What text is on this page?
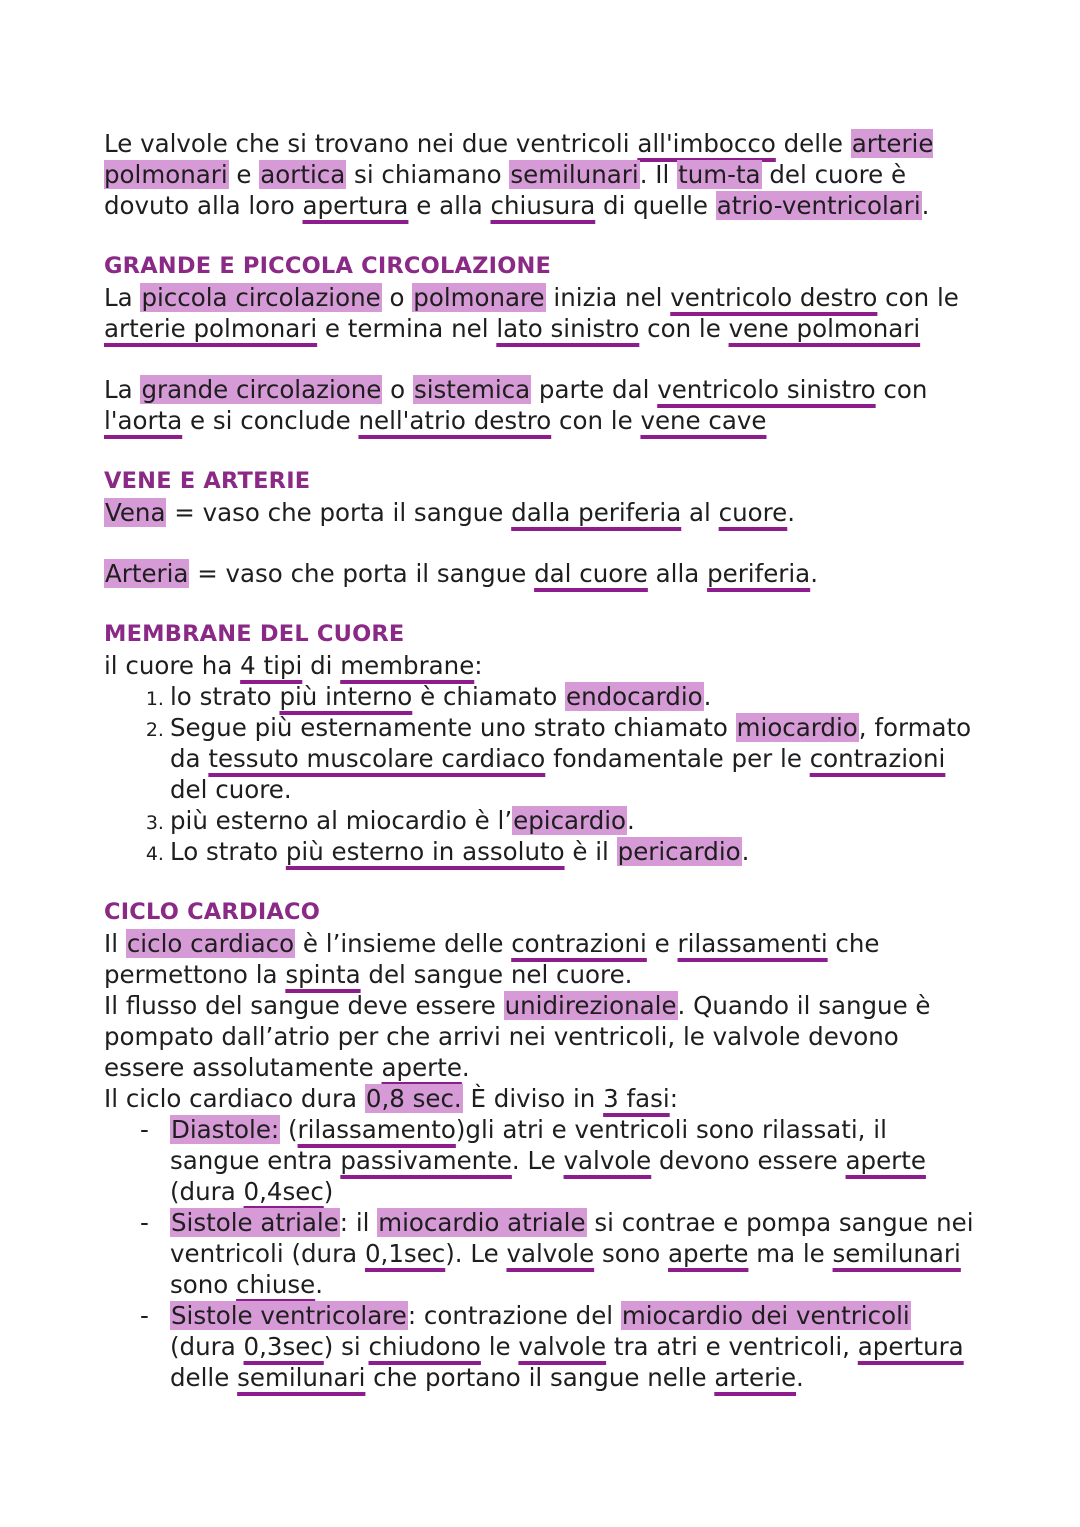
Le valvole che si trovano nei due ventricoli all'imbocco delle arterie polmonari e aortica si chiamano semilunari. Il tum-ta del cuore è dovuto alla loro apertura e alla chiusura di quelle atrio-ventricolari.

GRANDE E PICCOLA CIRCOLAZIONE

La piccola circolazione o polmonare inizia nel ventricolo destro con le arterie polmonari e termina nel lato sinistro con le vene polmonari

La grande circolazione o sistemica parte dal ventricolo sinistro con l'aorta e si conclude nell'atrio destro con le vene cave

VENE E ARTERIE

Vena = vaso che porta il sangue dalla periferia al cuore.

Arteria = vaso che porta il sangue dal cuore alla periferia.

MEMBRANE DEL CUORE

il cuore ha 4 tipi di membrane:

1. lo strato più interno è chiamato endocardio.
2. Segue più esternamente uno strato chiamato miocardio, formato da tessuto muscolare cardiaco fondamentale per le contrazioni del cuore.
3. più esterno al miocardio è l’epicardio.
4. Lo strato più esterno in assoluto è il pericardio.
CICLO CARDIACO

Il ciclo cardiaco è l’insieme delle contrazioni e rilassamenti che permettono la spinta del sangue nel cuore.

Il flusso del sangue deve essere unidirezionale. Quando il sangue è pompato dall’atrio per che arrivi nei ventricoli, le valvole devono essere assolutamente aperte.

Il ciclo cardiaco dura 0,8 sec. È diviso in 3 fasi:

- Diastole: (rilassamento)gli atri e ventricoli sono rilassati, il sangue entra passivamente. Le valvole devono essere aperte (dura 0,4sec)
- Sistole atriale: il miocardio atriale si contrae e pompa sangue nei ventricoli (dura 0,1sec). Le valvole sono aperte ma le semilunari sono chiuse.
- Sistole ventricolare: contrazione del miocardio dei ventricoli (dura 0,3sec) si chiudono le valvole tra atri e ventricoli, apertura delle semilunari che portano il sangue nelle arterie.
